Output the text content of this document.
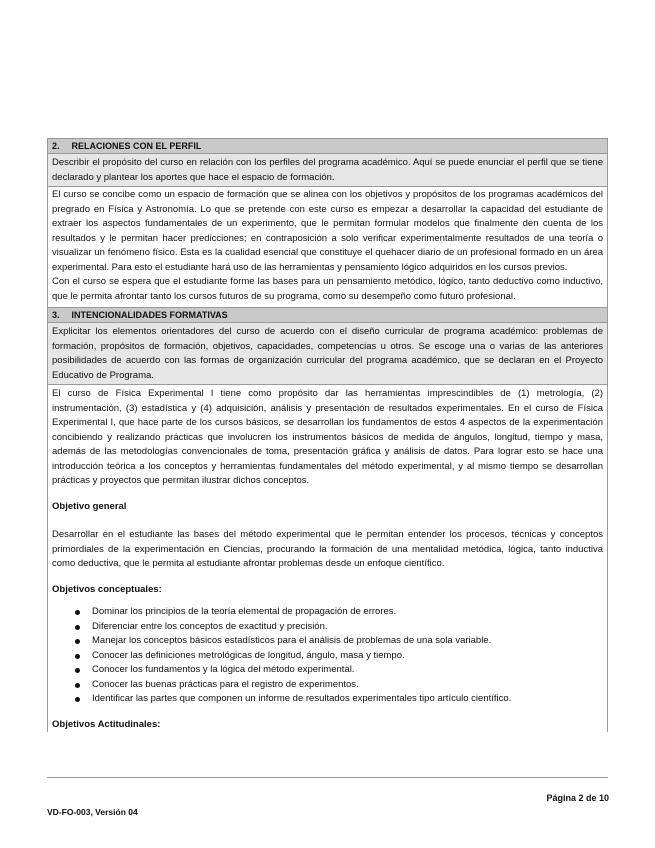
2. RELACIONES CON EL PERFIL
Describir el propósito del curso en relación con los perfiles del programa académico. Aquí se puede enunciar el perfil que se tiene declarado y plantear los aportes que hace el espacio de formación.

El curso se concibe como un espacio de formación que se alinea con los objetivos y propósitos de los programas académicos del pregrado en Física y Astronomía. Lo que se pretende con este curso es empezar a desarrollar la capacidad del estudiante de extraer los aspectos fundamentales de un experimento, que le permitan formular modelos que finalmente den cuenta de los resultados y le permitan hacer predicciones; en contraposición a solo verificar experimentalmente resultados de una teoría o visualizar un fenómeno físico. Esta es la cualidad esencial que constituye el quehacer diario de un profesional formado en un área experimental. Para esto el estudiante hará uso de las herramientas y pensamiento lógico adquiridos en los cursos previos.

Con el curso se espera que el estudiante forme las bases para un pensamiento metódico, lógico, tanto deductivo como inductivo, que le permita afrontar tanto los cursos futuros de su programa, como su desempeño como futuro profesional.

3. INTENCIONALIDADES FORMATIVAS
Explicitar los elementos orientadores del curso de acuerdo con el diseño curricular de programa académico: problemas de formación, propósitos de formación, objetivos, capacidades, competencias u otros. Se escoge una o varias de las anteriores posibilidades de acuerdo con las formas de organización curricular del programa académico, que se declaran en el Proyecto Educativo de Programa.

El curso de Física Experimental I tiene como propósito dar las herramientas imprescindibles de (1) metrología, (2) instrumentación, (3) estadística y (4) adquisición, análisis y presentación de resultados experimentales. En el curso de Física Experimental I, que hace parte de los cursos básicos, se desarrollan los fundamentos de estos 4 aspectos de la experimentación concibiendo y realizando prácticas que involucren los instrumentos básicos de medida de ángulos, longitud, tiempo y masa, además de las metodologías convencionales de toma, presentación gráfica y análisis de datos. Para lograr esto se hace una introducción teórica a los conceptos y herramientas fundamentales del método experimental, y al mismo tiempo se desarrollan prácticas y proyectos que permitan ilustrar dichos conceptos.

Objetivo general

Desarrollar en el estudiante las bases del método experimental que le permitan entender los procesos, técnicas y conceptos primordiales de la experimentación en Ciencias, procurando la formación de una mentalidad metódica, lógica, tanto inductiva como deductiva, que le permita al estudiante afrontar problemas desde un enfoque científico.

Objetivos conceptuales:

Dominar los principios de la teoría elemental de propagación de errores.
Diferenciar entre los conceptos de exactitud y precisión.
Manejar los conceptos básicos estadísticos para el análisis de problemas de una sola variable.
Conocer las definiciones metrológicas de longitud, ángulo, masa y tiempo.
Conocer los fundamentos y la lógica del método experimental.
Conocer las buenas prácticas para el registro de experimentos.
Identificar las partes que componen un informe de resultados experimentales tipo artículo científico.

Objetivos Actitudinales:

Página 2 de 10
VD-FO-003, Versión 04
